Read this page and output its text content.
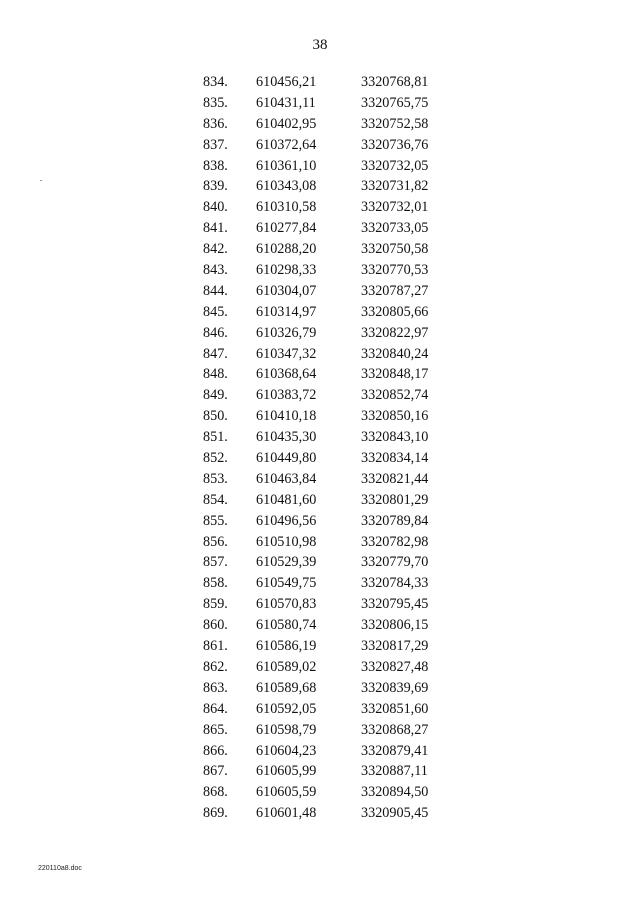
38
834. 610456,21	3320768,81
835. 610431,11	3320765,75
836. 610402,95	3320752,58
837. 610372,64	3320736,76
838. 610361,10	3320732,05
839. 610343,08	3320731,82
840. 610310,58	3320732,01
841. 610277,84	3320733,05
842. 610288,20	3320750,58
843. 610298,33	3320770,53
844. 610304,07	3320787,27
845. 610314,97	3320805,66
846. 610326,79	3320822,97
847. 610347,32	3320840,24
848. 610368,64	3320848,17
849. 610383,72	3320852,74
850. 610410,18	3320850,16
851. 610435,30	3320843,10
852. 610449,80	3320834,14
853. 610463,84	3320821,44
854. 610481,60	3320801,29
855. 610496,56	3320789,84
856. 610510,98	3320782,98
857. 610529,39	3320779,70
858. 610549,75	3320784,33
859. 610570,83	3320795,45
860. 610580,74	3320806,15
861. 610586,19	3320817,29
862. 610589,02	3320827,48
863. 610589,68	3320839,69
864. 610592,05	3320851,60
865. 610598,79	3320868,27
866. 610604,23	3320879,41
867. 610605,99	3320887,11
868. 610605,59	3320894,50
869. 610601,48	3320905,45
220110a8.doc
